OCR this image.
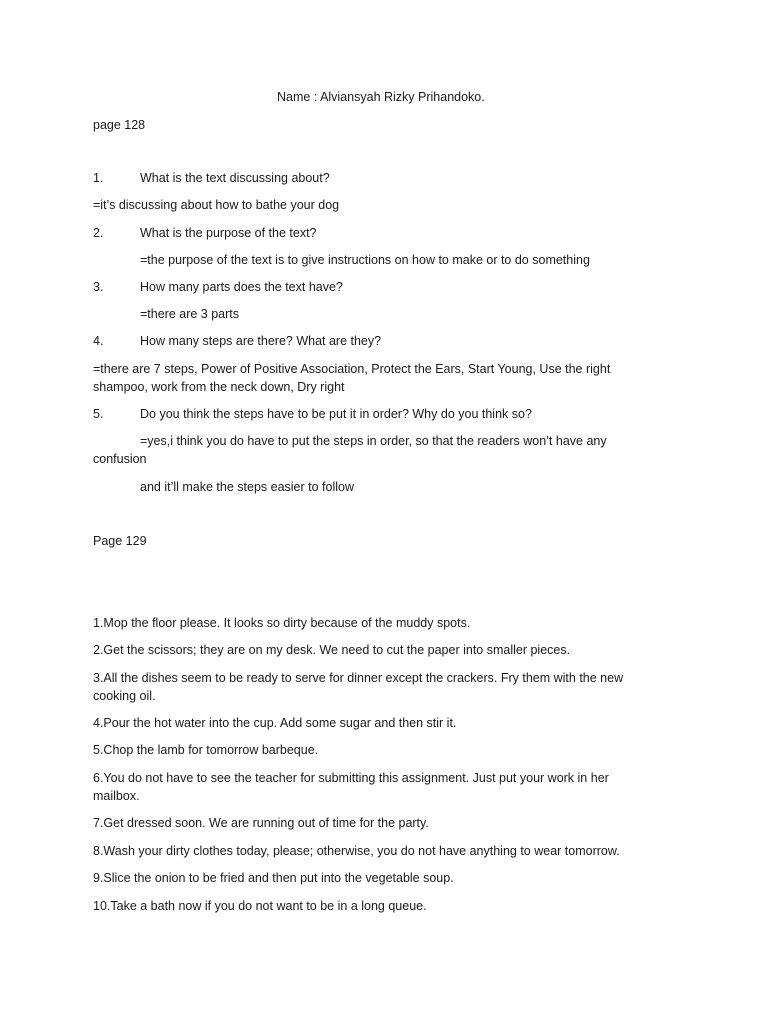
Name : Alviansyah Rizky Prihandoko.
page 128
1.	What is the text discussing about?
=it’s discussing about how to bathe your dog
2.	What is the purpose of the text?
=the purpose of the text is to give instructions on how to make or to do something
3.	How many parts does the text have?
=there are 3 parts
4.	How many steps are there? What are they?
=there are 7 steps, Power of Positive Association, Protect the Ears, Start Young, Use the right
shampoo, work from the neck down, Dry right
5.	Do you think the steps have to be put it in order? Why do you think so?
=yes,i think you do have to put the steps in order, so that the readers won’t have any
confusion
and it’ll make the steps easier to follow
Page 129
1.Mop the floor please. It looks so dirty because of the muddy spots.
2.Get the scissors; they are on my desk. We need to cut the paper into smaller pieces.
3.All the dishes seem to be ready to serve for dinner except the crackers. Fry them with the new
cooking oil.
4.Pour the hot water into the cup. Add some sugar and then stir it.
5.Chop the lamb for tomorrow barbeque.
6.You do not have to see the teacher for submitting this assignment. Just put your work in her
mailbox.
7.Get dressed soon. We are running out of time for the party.
8.Wash your dirty clothes today, please; otherwise, you do not have anything to wear tomorrow.
9.Slice the onion to be fried and then put into the vegetable soup.
10.Take a bath now if you do not want to be in a long queue.
